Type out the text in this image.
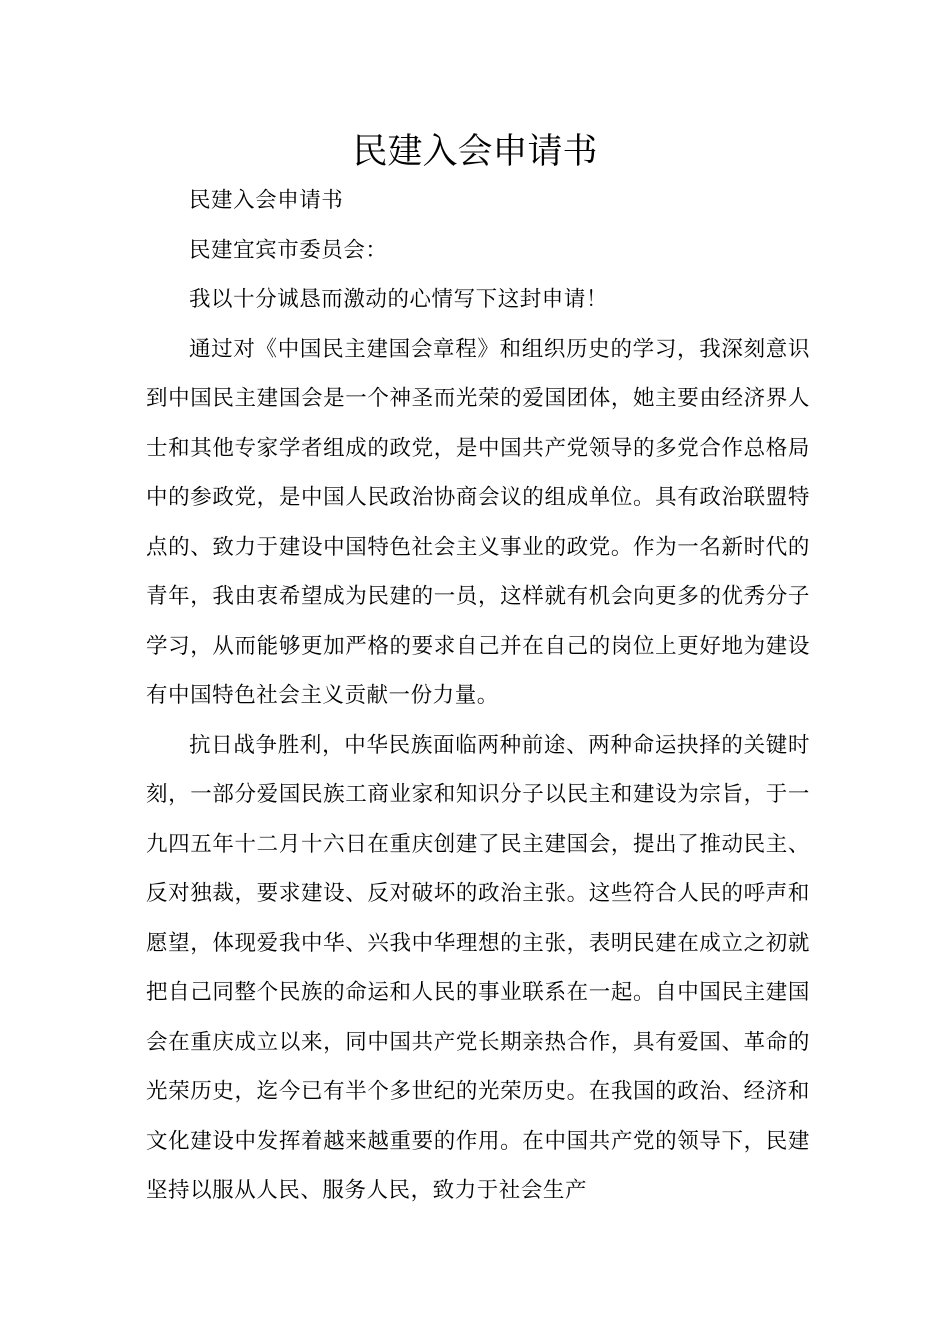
民建入会申请书

民建入会申请书

民建宜宾市委员会：

我以十分诚恳而激动的心情写下这封申请！

通过对《中国民主建国会章程》和组织历史的学习，我深刻意识到中国民主建国会是一个神圣而光荣的爱国团体，她主要由经济界人士和其他专家学者组成的政党，是中国共产党领导的多党合作总格局中的参政党，是中国人民政治协商会议的组成单位。具有政治联盟特点的、致力于建设中国特色社会主义事业的政党。作为一名新时代的青年，我由衷希望成为民建的一员，这样就有机会向更多的优秀分子学习，从而能够更加严格的要求自己并在自己的岗位上更好地为建设有中国特色社会主义贡献一份力量。

抗日战争胜利，中华民族面临两种前途、两种命运抉择的关键时刻，一部分爱国民族工商业家和知识分子以民主和建设为宗旨，于一九四五年十二月十六日在重庆创建了民主建国会，提出了推动民主、反对独裁，要求建设、反对破坏的政治主张。这些符合人民的呼声和愿望，体现爱我中华、兴我中华理想的主张，表明民建在成立之初就把自己同整个民族的命运和人民的事业联系在一起。自中国民主建国会在重庆成立以来，同中国共产党长期亲热合作，具有爱国、革命的光荣历史，迄今已有半个多世纪的光荣历史。在我国的政治、经济和文化建设中发挥着越来越重要的作用。在中国共产党的领导下，民建坚持以服从人民、服务人民，致力于社会生产
